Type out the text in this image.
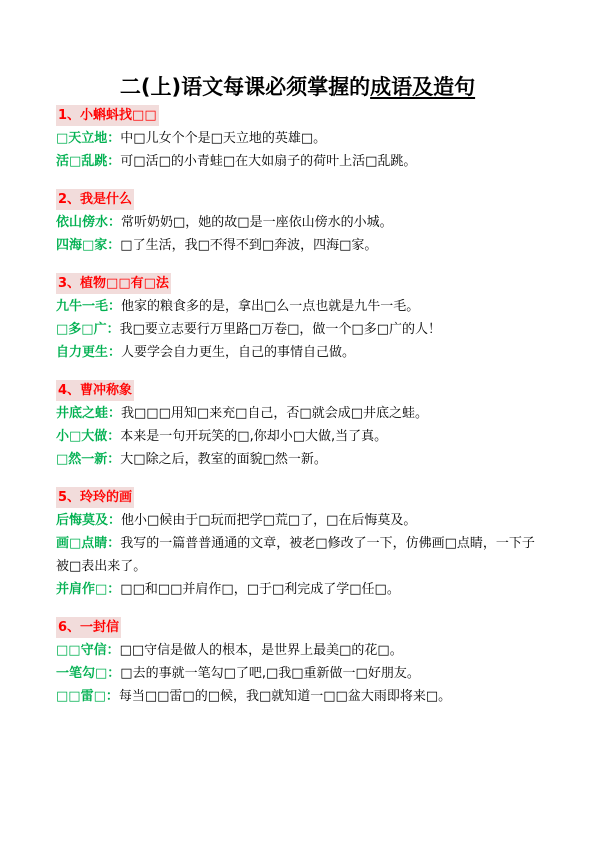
二(上)语文每课必须掌握的成语及造句
1、小蝌蚪找□□
□天立地：中□儿女个个是□天立地的英雄□。
活□乱跳：可□活□的小青蛙□在大如扇子的荷叶上活□乱跳。
2、我是什么
依山傍水：常听奶奶□，她的故□是一座依山傍水的小城。
四海□家：□了生活，我□不得不到□奔波，四海□家。
3、植物□□有□法
九牛一毛：他家的粮食多的是，拿出□么一点也就是九牛一毛。
□多□广：我□要立志要行万里路□万卷□，做一个□多□广的人！
自力更生：人要学会自力更生，自己的事情自己做。
4、曹冲称象
井底之蛙：我□□□用知□来充□自己，否□就会成□井底之蛙。
小□大做：本来是一句开玩笑的□,你却小□大做,当了真。
□然一新：大□除之后，教室的面貌□然一新。
5、玲玲的画
后悔莫及：他小□候由于□玩而把学□荒□了，□在后悔莫及。
画□点睛：我写的一篇普普通通的文章，被老□修改了一下，仿佛画□点睛，一下子被□表出来了。
并肩作□：□□和□□并肩作□，□于□利完成了学□任□。
6、一封信
□□守信：□□守信是做人的根本，是世界上最美□的花□。
一笔勾□：□去的事就一笔勾□了吧,□我□重新做一□好朋友。
□□雷□：每当□□雷□的□候，我□就知道一□□盆大雨即将来□。
